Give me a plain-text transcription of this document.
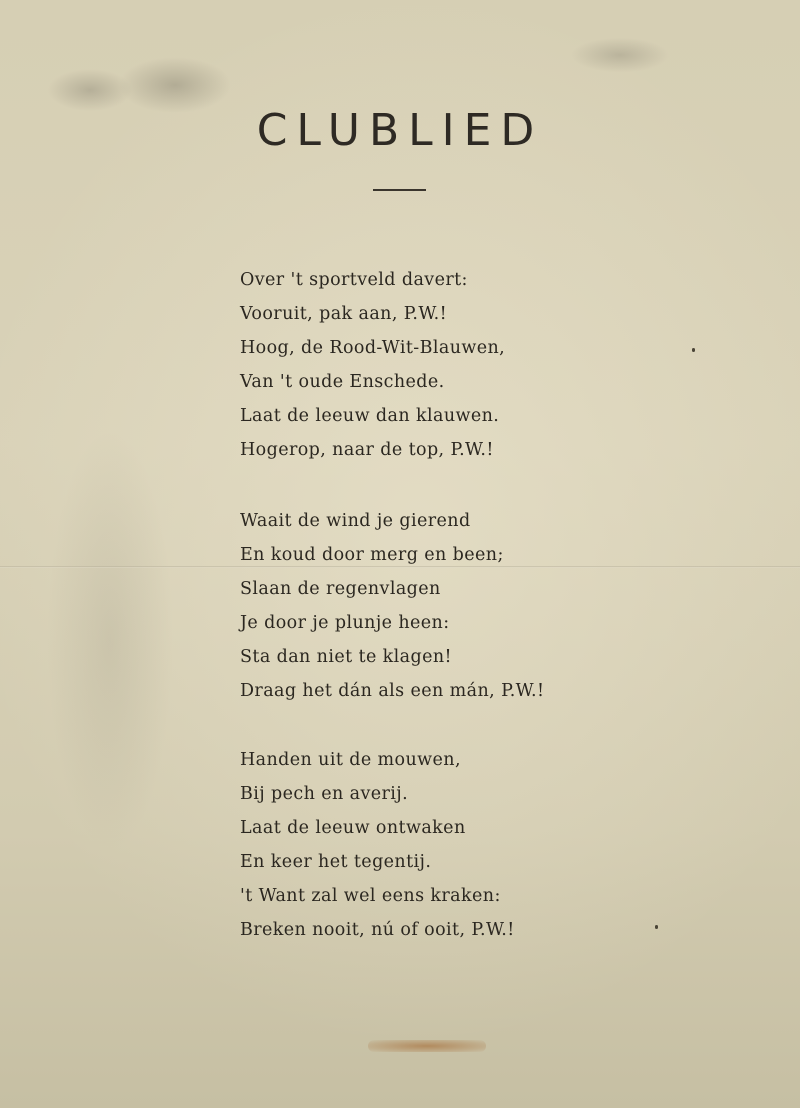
CLUBLIED
Over 't sportveld davert:
Vooruit, pak aan, P.W.!
Hoog, de Rood-Wit-Blauwen,
Van 't oude Enschede.
Laat de leeuw dan klauwen.
Hogerop, naar de top, P.W.!
Waait de wind je gierend
En koud door merg en been;
Slaan de regenvlagen
Je door je plunje heen:
Sta dan niet te klagen!
Draag het dán als een mán, P.W.!
Handen uit de mouwen,
Bij pech en averij.
Laat de leeuw ontwaken
En keer het tegentij.
't Want zal wel eens kraken:
Breken nooit, nú of ooit, P.W.!
